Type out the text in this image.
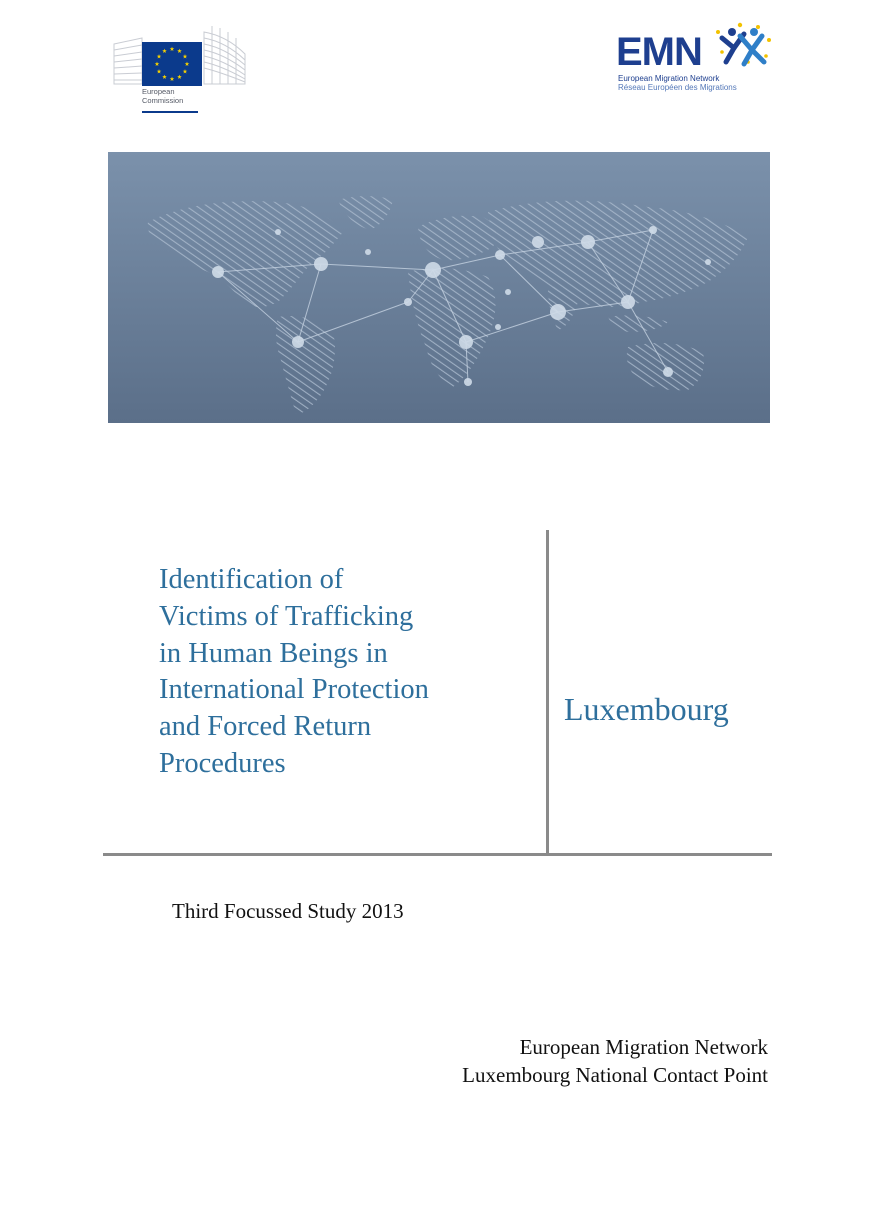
European
Commission
EMN
European Migration Network
Réseau Européen des Migrations
Identification of
Victims of Trafficking
in Human Beings in
International Protection
and Forced Return
Procedures
Luxembourg
Third Focussed Study 2013
European Migration Network
Luxembourg National Contact Point
